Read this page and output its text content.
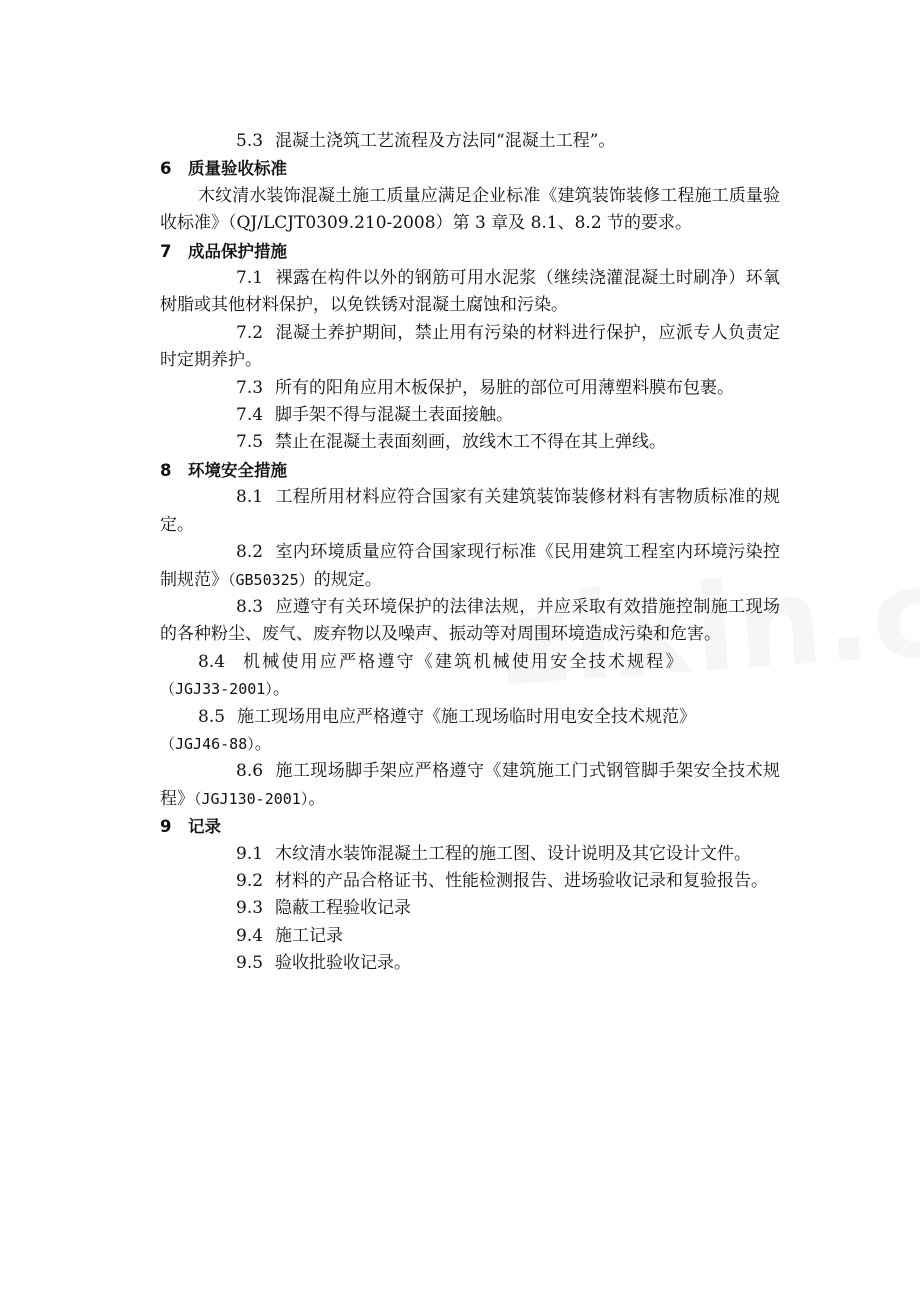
5.3 混凝土浇筑工艺流程及方法同“混凝土工程”。
6 质量验收标准
木纹清水装饰混凝土施工质量应满足企业标准《建筑装饰装修工程施工质量验收标准》（QJ/LCJT0309.210-2008）第 3 章及 8.1、8.2 节的要求。
7 成品保护措施
7.1 裸露在构件以外的钢筋可用水泥浆（继续浇灌混凝土时刷净）环氧树脂或其他材料保护，以免铁锈对混凝土腐蚀和污染。
7.2 混凝土养护期间，禁止用有污染的材料进行保护，应派专人负责定时定期养护。
7.3 所有的阳角应用木板保护，易脏的部位可用薄塑料膜布包裹。
7.4 脚手架不得与混凝土表面接触。
7.5 禁止在混凝土表面刻画，放线木工不得在其上弹线。
8 环境安全措施
8.1 工程所用材料应符合国家有关建筑装饰装修材料有害物质标准的规定。
8.2 室内环境质量应符合国家现行标准《民用建筑工程室内环境污染控制规范》（GB50325）的规定。
8.3 应遵守有关环境保护的法律法规，并应采取有效措施控制施工现场的各种粉尘、废气、废弃物以及噪声、振动等对周围环境造成污染和危害。
8.4 机械使用应严格遵守《建筑机械使用安全技术规程》
（JGJ33-2001）。
8.5 施工现场用电应严格遵守《施工现场临时用电安全技术规范》
（JGJ46-88）。
8.6 施工现场脚手架应严格遵守《建筑施工门式钢管脚手架安全技术规程》（JGJ130-2001）。
9 记录
9.1 木纹清水装饰混凝土工程的施工图、设计说明及其它设计文件。
9.2 材料的产品合格证书、性能检测报告、进场验收记录和复验报告。
9.3 隐蔽工程验收记录
9.4 施工记录
9.5 验收批验收记录。
